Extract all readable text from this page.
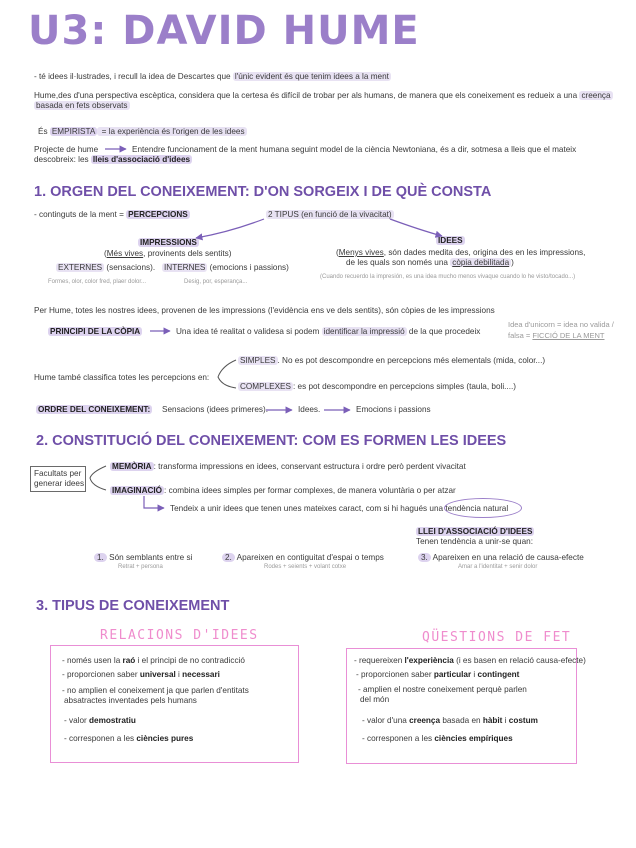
U3: DAVID HUME
- té idees il·lustrades, i recull la idea de Descartes que l'únic evident és que tenim idees a la ment
Hume,des d'una perspectiva escèptica, considera que la certesa és difícil de trobar per als humans, de manera que els coneixement es redueix a una creença
basada en fets observats
És EMPIRISTA = la experiència és l'origen de les idees
Projecte de hume	Entendre funcionament de la ment humana seguint model de la ciència Newtoniana, és a dir, sotmesa a lleis que el mateix
descobreix: les lleis d'associació d'idees
1. ORGEN DEL CONEIXEMENT: D'ON SORGEIX I DE QUÈ CONSTA
- continguts de la ment = PERCEPCIONS	2 TIPUS (en funció de la vivacitat)
IMPRESSIONS
(Més vives, provinents dels sentits)
EXTERNES (sensacions). INTERNES (emocions i passions)
Formes, olor, color fred, plaer dolor...	Desig, por, esperança...
IDEES
(Menys vives, són dades medita des, origina des en les impressions,
de les quals son només una còpia debilitada )
(Cuando recuerdo la impresión, es una idea mucho menos vivaque cuando lo he visto/tocado...)
Per Hume, totes les nostres idees, provenen de les impressions (l'evidència ens ve dels sentits), són còpies de les impressions
PRINCIPI DE LA CÒPIA	Una idea té realitat o validesa si podem identificar la impressió de la que procedeix
Idea d'unicorn = idea no valida /
falsa = FICCIÓ DE LA MENT
Hume també classifica totes les percepcions en:
SIMPLES . No es pot descompondre en percepcions més elementals (mida, color...)
COMPLEXES : es pot descompondre en percepcions simples (taula, boli....)
ORDRE DEL CONEIXEMENT: Sensacions (idees primeres).	Idees.	Emocions i passions
2. CONSTITUCIÓ DEL CONEIXEMENT: COM ES FORMEN LES IDEES
Facultats per
generar idees
MEMÒRIA : transforma impressions en idees, conservant estructura i ordre però perdent vivacitat
IMAGINACIÓ : combina idees simples per formar complexes, de manera voluntària o per atzar
Tendeix a unir idees que tenen unes mateixes caract, com si hi hagués una tendència natural
LLEI D'ASSOCIACIÓ D'IDEES
Tenen tendència a unir-se quan:
1. Són semblants entre si
Retrat + persona
2. Apareixen en contiguitat d'espai o temps
Rodes + seients + volant cotxe
3. Apareixen en una relació de causa-efecte
Amar a l'identitat + senir dolor
3. TIPUS DE CONEIXEMENT
RELACIONS D'IDEES	QÜESTIONS DE FET
- només usen la raó i el principi de no contradicció
- proporcionen saber universal i necessari
- no amplien el coneixement ja que parlen d'entitats
absatractes inventades pels humans
- valor demostratiu
- corresponen a les ciències pures
- requereixen l'experiència (i es basen en relació causa-efecte)
- proporcionen saber particular i contingent
- amplien el nostre coneixement perquè parlen
del món
- valor d'una creença basada en hàbit i costum
- corresponen a les ciències empíriques
